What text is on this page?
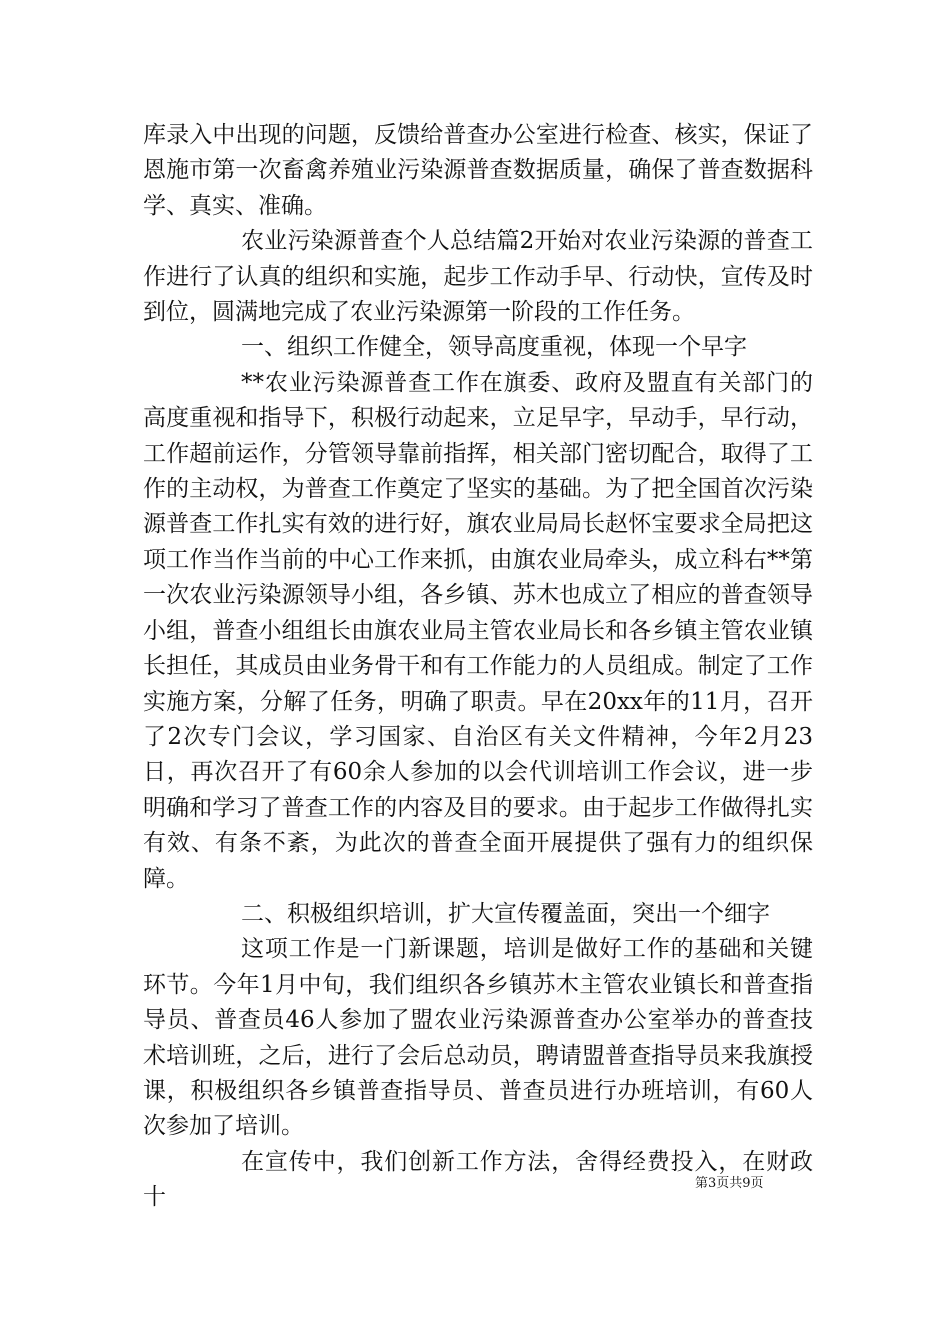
库录入中出现的问题，反馈给普查办公室进行检查、核实，保证了恩施市第一次畜禽养殖业污染源普查数据质量，确保了普查数据科学、真实、准确。

农业污染源普查个人总结篇2开始对农业污染源的普查工作进行了认真的组织和实施，起步工作动手早、行动快，宣传及时到位，圆满地完成了农业污染源第一阶段的工作任务。

一、组织工作健全，领导高度重视，体现一个早字

**农业污染源普查工作在旗委、政府及盟直有关部门的高度重视和指导下，积极行动起来，立足早字，早动手，早行动，工作超前运作，分管领导靠前指挥，相关部门密切配合，取得了工作的主动权，为普查工作奠定了坚实的基础。为了把全国首次污染源普查工作扎实有效的进行好，旗农业局局长赵怀宝要求全局把这项工作当作当前的中心工作来抓，由旗农业局牵头，成立科右**第一次农业污染源领导小组，各乡镇、苏木也成立了相应的普查领导小组，普查小组组长由旗农业局主管农业局长和各乡镇主管农业镇长担任，其成员由业务骨干和有工作能力的人员组成。制定了工作实施方案，分解了任务，明确了职责。早在20xx年的11月，召开了2次专门会议，学习国家、自治区有关文件精神，今年2月23日，再次召开了有60余人参加的以会代训培训工作会议，进一步明确和学习了普查工作的内容及目的要求。由于起步工作做得扎实有效、有条不紊，为此次的普查全面开展提供了强有力的组织保障。

二、积极组织培训，扩大宣传覆盖面，突出一个细字

这项工作是一门新课题，培训是做好工作的基础和关键环节。今年1月中旬，我们组织各乡镇苏木主管农业镇长和普查指导员、普查员46人参加了盟农业污染源普查办公室举办的普查技术培训班，之后，进行了会后总动员，聘请盟普查指导员来我旗授课，积极组织各乡镇普查指导员、普查员进行办班培训，有60人次参加了培训。

在宣传中，我们创新工作方法，舍得经费投入，在财政十

第3页共9页
